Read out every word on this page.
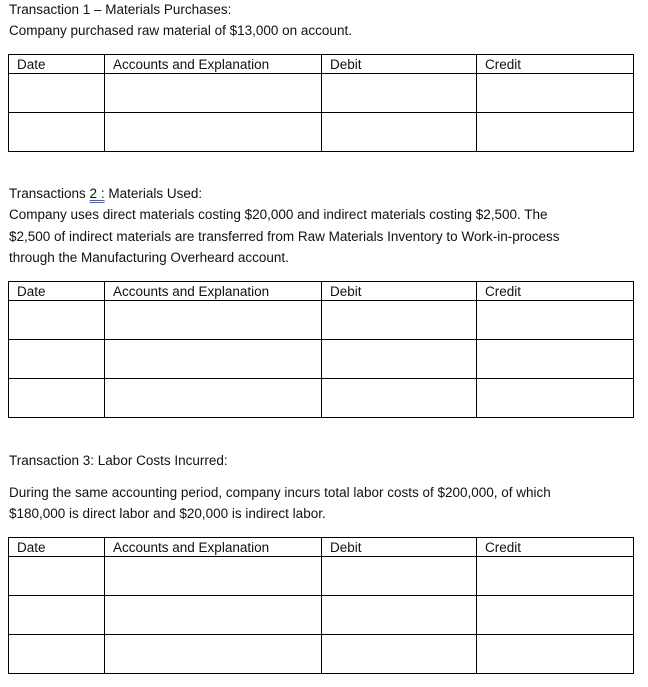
Transaction 1 – Materials Purchases:
Company purchased raw material of $13,000 on account.
Date	Accounts and Explanation	Debit	Credit

Transactions 2 : Materials Used:
Company uses direct materials costing $20,000 and indirect materials costing $2,500. The
$2,500 of indirect materials are transferred from Raw Materials Inventory to Work-in-process
through the Manufacturing Overheard account.
Date	Accounts and Explanation	Debit	Credit

Transaction 3: Labor Costs Incurred:
During the same accounting period, company incurs total labor costs of $200,000, of which
$180,000 is direct labor and $20,000 is indirect labor.
Date	Accounts and Explanation	Debit	Credit
